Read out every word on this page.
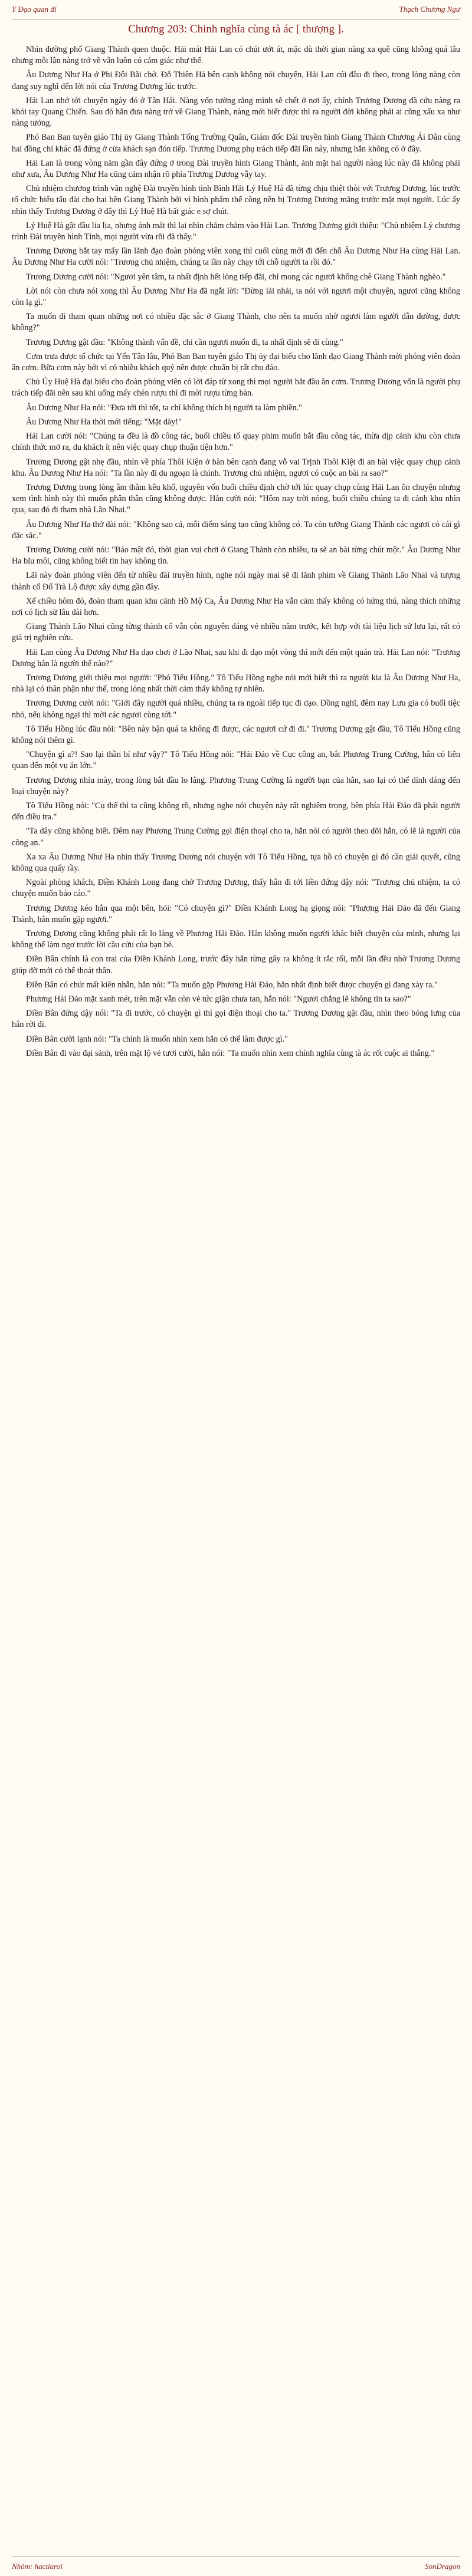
Y Đạo quan đỉ	Thạch Chương Ngư
Chương 203: Chinh nghĩa cùng tà ác [ thượng ].

Nhìn đường phố Giang Thành quen thuộc. Hải mát Hải Lan có chút ướt át, mặc dù thời gian nàng xa quê cũng không quá lâu nhưng mỗi lần nàng trở về vẫn luôn có cảm giác như thế.

Âu Dương Như Ha ở Phi Đội Bãi chờ. Đỗ Thiên Hà bên cạnh không nói chuyện, Hải Lan cúi đầu đi theo, trong lòng nàng còn đang suy nghĩ đến lời nói của Trương Dương lúc trước.

Hải Lan nhớ tới chuyện ngày đó ở Tân Hải. Nàng vốn tưởng rằng mình sẽ chết ở nơi ấy, chính Trương Dương đã cứu nàng ra khỏi tay Quang Chiến. Sau đó hắn đưa nàng trở về Giang Thành, nàng mới biết được thì ra người đời không phải ai cũng xấu xa như nàng tưởng.

Phó Ban Ban tuyên giáo Thị ủy Giang Thành Tống Trường Quân, Giám đốc Đài truyền hình Giang Thành Chương Ái Dân cùng hai đồng chí khác đã đứng ở cửa khách sạn đón tiếp. Trương Dương phụ trách tiếp đãi lần này, nhưng hắn không có ở đây.

Hải Lan là trong vòng năm gần đây đứng ở trong Đài truyền hình Giang Thành, ảnh mặt hai người nàng lúc này đã không phải như xưa, Âu Dương Như Ha cũng cảm nhận rõ phía Trương Dương vẫy tay.

Chủ nhiệm chương trình văn nghệ Đài truyền hình tỉnh Bình Hải Lý Huệ Hà đã từng chịu thiệt thòi với Trương Dương, lúc trước tổ chức biểu tấu đài cho hai bên Giang Thành bởi vì bình phẩm thế công nên bị Trương Dương mắng trước mặt mọi người. Lúc ấy nhìn thấy Trương Dương ở đây thì Lý Huệ Hà bất giác e sợ chút.

Lý Huệ Hà gật đầu lia lịa, nhưng ánh mắt thì lại nhìn chằm chằm vào Hải Lan. Trương Dương giới thiệu: "Chủ nhiệm Lý chương trình Đài truyền hình Tỉnh, mọi người vừa rồi đã thấy."

Trương Dương bắt tay mấy lần lãnh đạo đoàn phóng viên xong thì cuối cùng mới đi đến chỗ Âu Dương Như Ha cùng Hải Lan. Âu Dương Như Ha cười nói: "Trương chủ nhiệm, chúng ta lần này chạy tới chỗ người ta rồi đó."

Trương Dương cười nói: "Ngươi yên tâm, ta nhất định hết lòng tiếp đãi, chỉ mong các ngươi không chê Giang Thành nghèo."

Lời nói còn chưa nói xong thì Âu Dương Như Ha đã ngắt lời: "Đừng lải nhải, ta nói với ngươi một chuyện, ngươi cũng không còn lạ gì."

Ta muốn đi tham quan những nơi có nhiều đặc sắc ở Giang Thành, cho nên ta muốn nhờ ngươi làm người dẫn đường, được không?"

Trương Dương gật đầu: "Không thành vấn đề, chỉ cần ngươi muốn đi, ta nhất định sẽ đi cùng."

Cơm trưa được tổ chức tại Yến Tân lâu, Phó Ban Ban tuyên giáo Thị ủy đại biểu cho lãnh đạo Giang Thành mời phóng viên đoàn ăn cơm. Bữa cơm này bởi vì có nhiều khách quý nên được chuẩn bị rất chu đáo.

Chủ Ủy Huệ Hà đại biểu cho đoàn phóng viên có lời đáp từ xong thì mọi người bắt đầu ăn cơm. Trương Dương vốn là người phụ trách tiếp đãi nên sau khi uống mấy chén rượu thì đi mời rượu từng bàn.

Âu Dương Như Ha nói: "Đưa tới thì tốt, ta chỉ không thích bị người ta làm phiền."

Âu Dương Như Ha thời mới tiếng: "Mặt dày!"

Hải Lan cười nói: "Chúng ta đều là đồ công tác, buổi chiều tổ quay phim muốn bắt đầu công tác, thừa dịp cảnh khu còn chưa chính thức mở ra, du khách ít nên việc quay chụp thuận tiện hơn."

Trương Dương gật nhẹ đầu, nhìn về phía Thôi Kiện ở bàn bên cạnh đang vỗ vai Trịnh Thôi Kiệt đi an bài việc quay chụp cảnh khu. Âu Dương Như Ha nói: "Ta lần này đi du ngoạn là chính. Trương chủ nhiệm, ngươi có cuộc an bài ra sao?"

Trương Dương trong lòng âm thầm kêu khổ, nguyên vốn buổi chiều định chờ tới lúc quay chụp cùng Hải Lan ôn chuyện nhưng xem tình hình này thì muốn phân thân cũng không được. Hắn cười nói: "Hôm nay trời nóng, buổi chiều chúng ta đi cảnh khu nhìn qua, sau đó đi tham nhà Lão Nhai."

Âu Dương Như Ha thở dài nói: "Không sao cả, mỗi điểm sáng tạo cũng không có. Ta còn tưởng Giang Thành các ngươi có cái gì đặc sắc."

Trương Dương cười nói: "Bảo mật đó, thời gian vui chơi ở Giang Thành còn nhiều, ta sẽ an bài từng chút một." Âu Dương Như Ha bĩu môi, cũng không biết tin hay không tin.

Lãi này đoàn phóng viên đến từ nhiều đài truyền hình, nghe nói ngày mai sẽ đi lãnh phim về Giang Thành Lão Nhai và tượng thành cổ Đổ Trà Lộ được xây dựng gần đây.

Xế chiều hôm đó, đoàn tham quan khu cảnh Hồ Mộ Ca, Âu Dương Như Ha vẫn cảm thấy không có hứng thú, nàng thích những nơi có lịch sử lâu dài hơn.

Giang Thành Lão Nhai cũng từng thành cổ vẫn còn nguyên dáng vẻ nhiều năm trước, kết hợp với tài liệu lịch sử lưu lại, rất có giá trị nghiên cứu.

Hải Lan cùng Âu Dương Như Ha dạo chơi ở Lão Nhai, sau khi đi dạo một vòng thì mới đến một quán trà. Hải Lan nói: "Trương Dương hắn là người thế nào?"

Trương Dương giới thiệu mọi người: "Phó Tiểu Hồng." Tô Tiểu Hồng nghe nói mới biết thì ra người kia là Âu Dương Như Ha, nhà lại có thân phận như thế, trong lòng nhất thời cảm thấy không tự nhiên.

Trương Dương cười nói: "Giới đây người quá nhiều, chúng ta ra ngoài tiếp tục đi dạo. Đồng nghĩ, đêm nay Lưu gia có buổi tiệc nhỏ, nếu không ngại thì mời các ngươi cùng tới."

Tô Tiểu Hồng lúc đầu nói: "Bên này bận quá ta không đi được, các ngươi cứ đi đi." Trương Dương gật đầu, Tô Tiểu Hồng cũng không nói thêm gì.

"Chuyện gì a?! Sao lại thần bí như vậy?" Tô Tiểu Hồng nói: "Hải Đảo về Cục công an, bắt Phương Trung Cường, hắn có liên quan đến một vụ án lớn."

Trương Dương nhíu mày, trong lòng bắt đầu lo lắng. Phương Trung Cường là người bạn của hắn, sao lại có thể dính dáng đến loại chuyện này?

Tô Tiểu Hồng nói: "Cụ thể thì ta cũng không rõ, nhưng nghe nói chuyện này rất nghiêm trọng, bên phía Hải Đảo đã phái người đến điều tra."

"Ta dây cũng không biết. Đêm nay Phương Trung Cường gọi điện thoại cho ta, hắn nói có người theo dõi hắn, có lẽ là người của công an."

Xa xa Âu Dương Như Ha nhìn thấy Trương Dương nói chuyện với Tô Tiểu Hồng, tựa hồ có chuyện gì đó cần giải quyết, cũng không qua quấy rầy.

Ngoài phòng khách, Điền Khánh Long đang chờ Trương Dương, thấy hắn đi tới liền đứng dậy nói: "Trương chủ nhiệm, ta có chuyện muốn báo cáo."

Trương Dương kéo hắn qua một bên, hỏi: "Có chuyện gì?" Điền Khánh Long hạ giọng nói: "Phương Hải Đảo đã đến Giang Thành, hắn muốn gặp ngươi."

Trương Dương cũng không phải rất lo lắng về Phương Hải Đảo. Hắn không muốn người khác biết chuyện của mình, nhưng lại không thể làm ngơ trước lời cầu cứu của bạn bè.

Điền Bân chính là con trai của Điền Khánh Long, trước đây hắn từng gây ra không ít rắc rối, mỗi lần đều nhờ Trương Dương giúp đỡ mới có thể thoát thân.

Điền Bân có chút mất kiên nhẫn, hắn nói: "Ta muốn gặp Phương Hải Đảo, hắn nhất định biết được chuyện gì đang xảy ra."

Phương Hải Đảo mặt xanh mét, trên mặt vẫn còn vẻ tức giận chưa tan, hắn nói: "Ngươi chẳng lẽ không tin ta sao?"

Điền Bân đứng dậy nói: "Ta đi trước, có chuyện gì thì gọi điện thoại cho ta." Trương Dương gật đầu, nhìn theo bóng lưng của hắn rời đi.

Điền Bân cười lạnh nói: "Ta chính là muốn nhìn xem hắn có thể làm được gì."

Điền Bân đi vào đại sảnh, trên mặt lộ vẻ tươi cười, hắn nói: "Ta muốn nhìn xem chính nghĩa cùng tà ác rốt cuộc ai thắng."

Nhóm: hactiaroi	SonDragon
